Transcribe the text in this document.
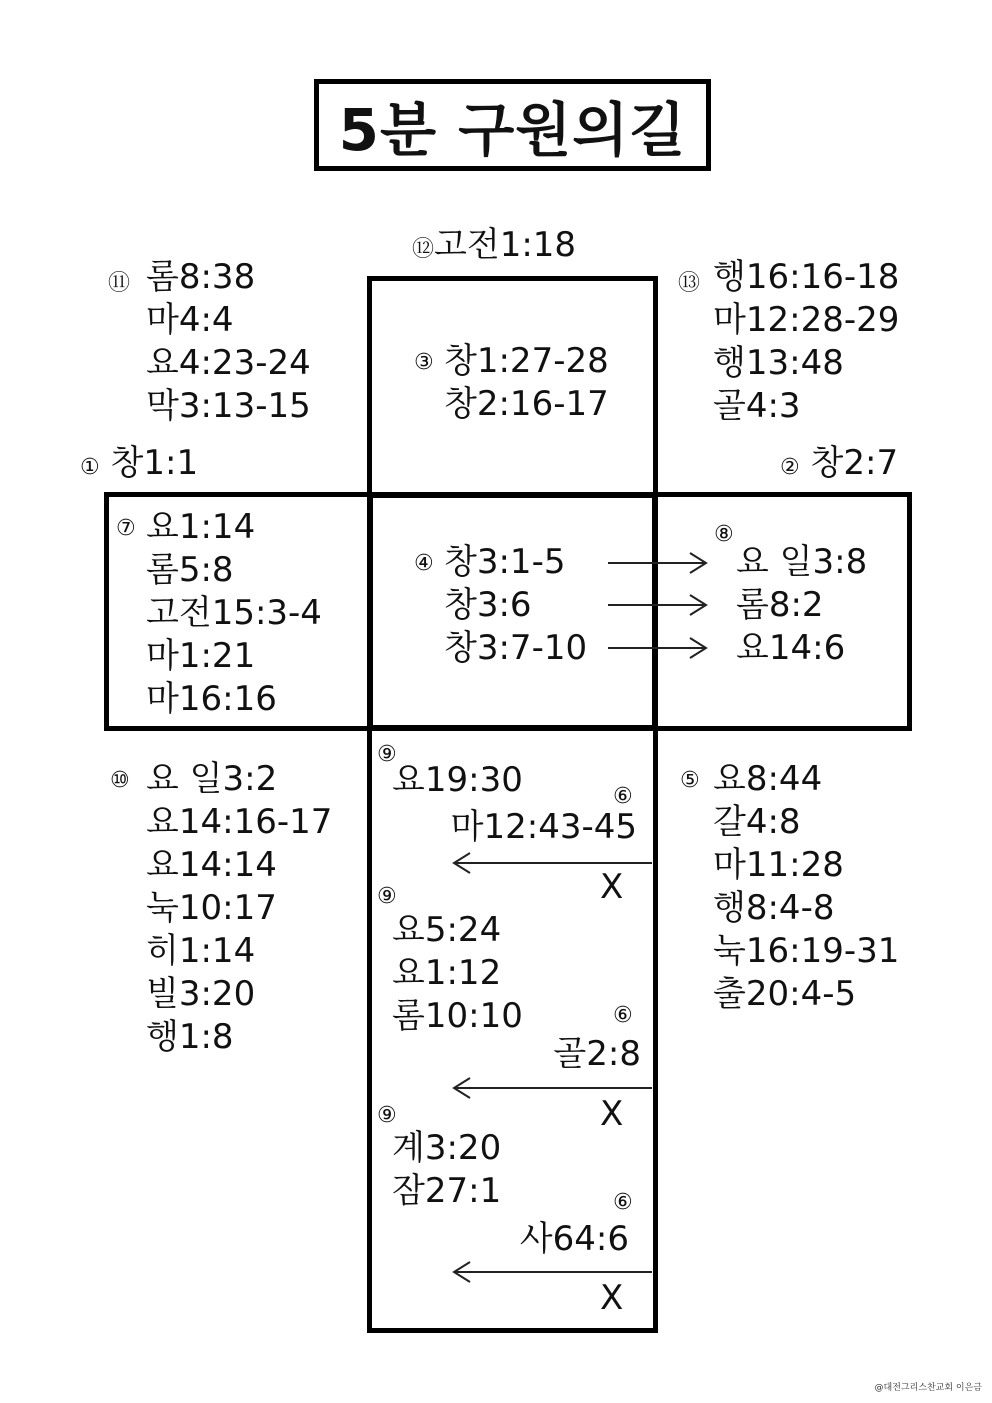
5분 구원의길
⑫고전1:18
⑪ 롬8:38
마4:4
요4:23-24
막3:13-15
⑬ 행16:16-18
마12:28-29
행13:48
골4:3
③ 창1:27-28
창2:16-17
① 창1:1	② 창2:7
⑦ 요1:14
롬5:8
고전15:3-4
마1:21
마16:16
④ 창3:1-5
창3:6
창3:7-10
⑧
요 일3:8
롬8:2
요14:6
⑩ 요 일3:2
요14:16-17
요14:14
눅10:17
히1:14
빌3:20
행1:8
⑤ 요8:44
갈4:8
마11:28
행8:4-8
눅16:19-31
출20:4-5
⑨
요19:30	⑥
마12:43-45
X
⑨
요5:24
요1:12
롬10:10	⑥
골2:8
X
⑨
계3:20
잠27:1	⑥
사64:6
X
@대전그리스찬교회 이은금
